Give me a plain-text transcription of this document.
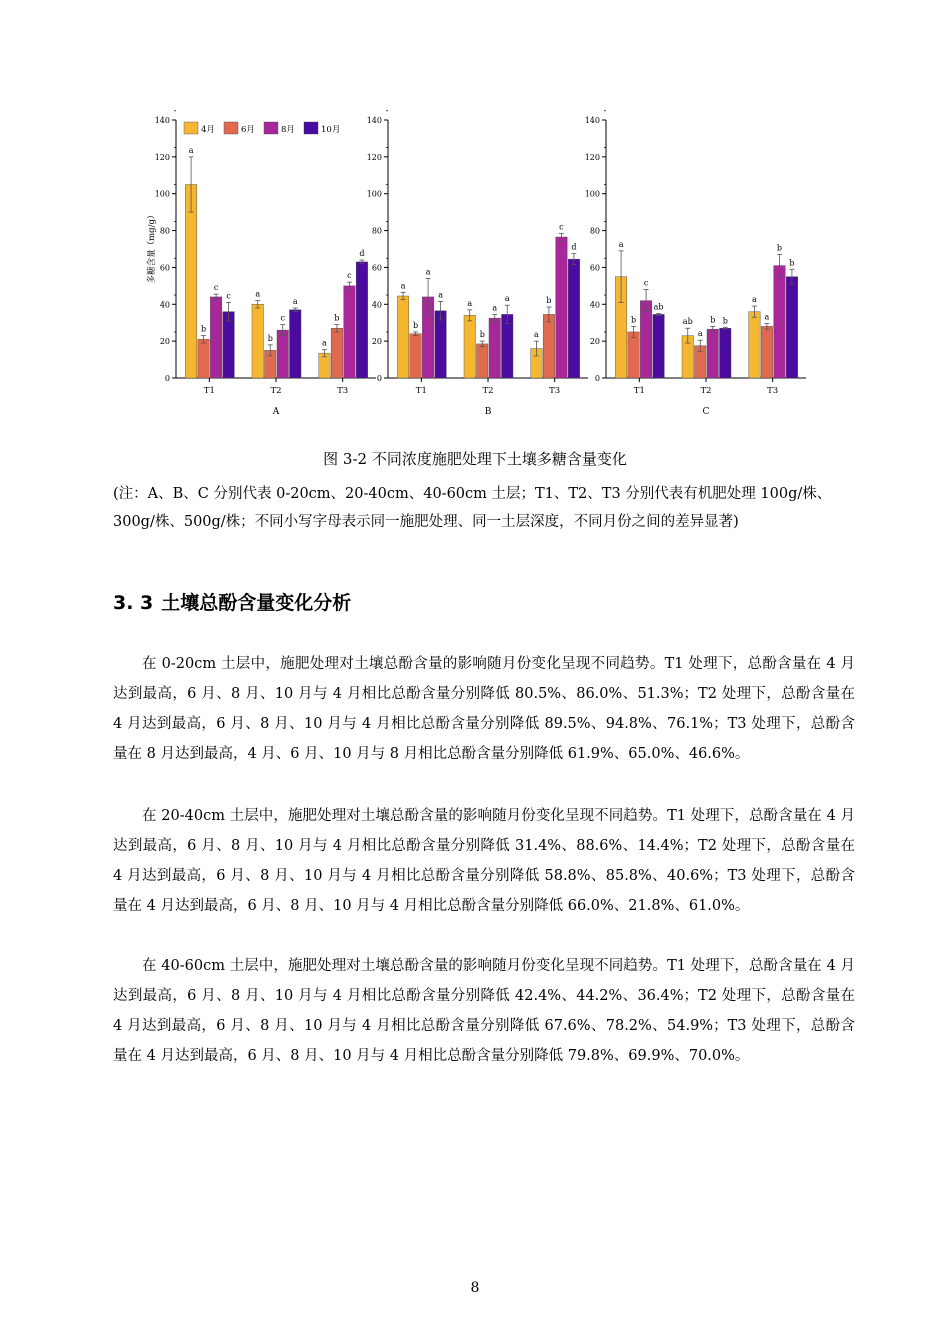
0
20
40
60
80
100
120
140
多糖含量（mg/g）
T1
a
b
c
c
T2
a
b
c
a
T3
a
b
c
d
A
4月	6月	8月	10月
0
20
40
60
80
100
120
140
T1
a
b
a
a
T2
a
b
a
a
T3
a
b
c
d
B
0
20
40
60
80
100
120
140
T1
a
b
c
ab
T2
ab
a
b b
T3
a
a
b
b
C
图 3-2 不同浓度施肥处理下土壤多糖含量变化
(注：A、B、C 分别代表 0-20cm、20-40cm、40-60cm 土层；T1、T2、T3 分别代表有机肥处理 100g/株、300g/株、500g/株；不同小写字母表示同一施肥处理、同一土层深度，不同月份之间的差异显著)
3. 3 土壤总酚含量变化分析

在 0-20cm 土层中，施肥处理对土壤总酚含量的影响随月份变化呈现不同趋势。T1 处理下，总酚含量在 4 月达到最高，6 月、8 月、10 月与 4 月相比总酚含量分别降低 80.5%、86.0%、51.3%；T2 处理下，总酚含量在 4 月达到最高，6 月、8 月、10 月与 4 月相比总酚含量分别降低 89.5%、94.8%、76.1%；T3 处理下，总酚含量在 8 月达到最高，4 月、6 月、10 月与 8 月相比总酚含量分别降低 61.9%、65.0%、46.6%。

在 20-40cm 土层中，施肥处理对土壤总酚含量的影响随月份变化呈现不同趋势。T1 处理下，总酚含量在 4 月达到最高，6 月、8 月、10 月与 4 月相比总酚含量分别降低 31.4%、88.6%、14.4%；T2 处理下，总酚含量在 4 月达到最高，6 月、8 月、10 月与 4 月相比总酚含量分别降低 58.8%、85.8%、40.6%；T3 处理下，总酚含量在 4 月达到最高，6 月、8 月、10 月与 4 月相比总酚含量分别降低 66.0%、21.8%、61.0%。

在 40-60cm 土层中，施肥处理对土壤总酚含量的影响随月份变化呈现不同趋势。T1 处理下，总酚含量在 4 月达到最高，6 月、8 月、10 月与 4 月相比总酚含量分别降低 42.4%、44.2%、36.4%；T2 处理下，总酚含量在 4 月达到最高，6 月、8 月、10 月与 4 月相比总酚含量分别降低 67.6%、78.2%、54.9%；T3 处理下，总酚含量在 4 月达到最高，6 月、8 月、10 月与 4 月相比总酚含量分别降低 79.8%、69.9%、70.0%。

8
